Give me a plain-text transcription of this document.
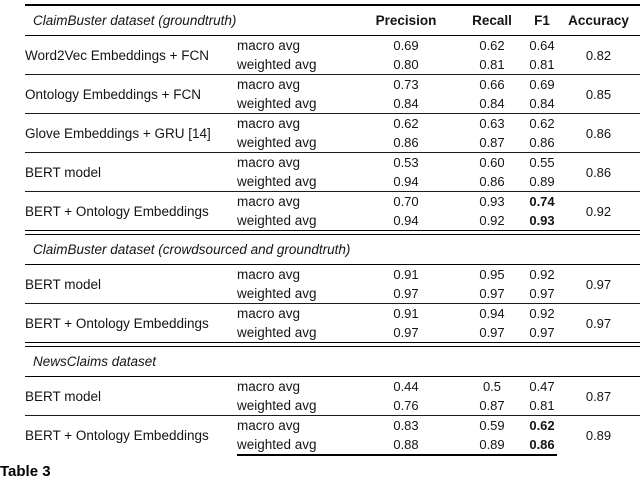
ClaimBuster dataset (groundtruth)		Precision	Recall	F1	Accuracy
Word2Vec Embeddings + FCN	macro avg	0.69	0.62	0.64	0.82
	weighted avg	0.80	0.81	0.81	
Ontology Embeddings + FCN	macro avg	0.73	0.66	0.69	0.85
	weighted avg	0.84	0.84	0.84	
Glove Embeddings + GRU [14]	macro avg	0.62	0.63	0.62	0.86
	weighted avg	0.86	0.87	0.86	
BERT model	macro avg	0.53	0.60	0.55	0.86
	weighted avg	0.94	0.86	0.89	
BERT + Ontology Embeddings	macro avg	0.70	0.93	0.74	0.92
	weighted avg	0.94	0.92	0.93	

ClaimBuster dataset (crowdsourced and groundtruth)					
BERT model	macro avg	0.91	0.95	0.92	0.97
	weighted avg	0.97	0.97	0.97	
BERT + Ontology Embeddings	macro avg	0.91	0.94	0.92	0.97
	weighted avg	0.97	0.97	0.97	

NewsClaims dataset					
BERT model	macro avg	0.44	0.5	0.47	0.87
	weighted avg	0.76	0.87	0.81	
BERT + Ontology Embeddings	macro avg	0.83	0.59	0.62	0.89
	weighted avg	0.88	0.89	0.86	
Table 3
